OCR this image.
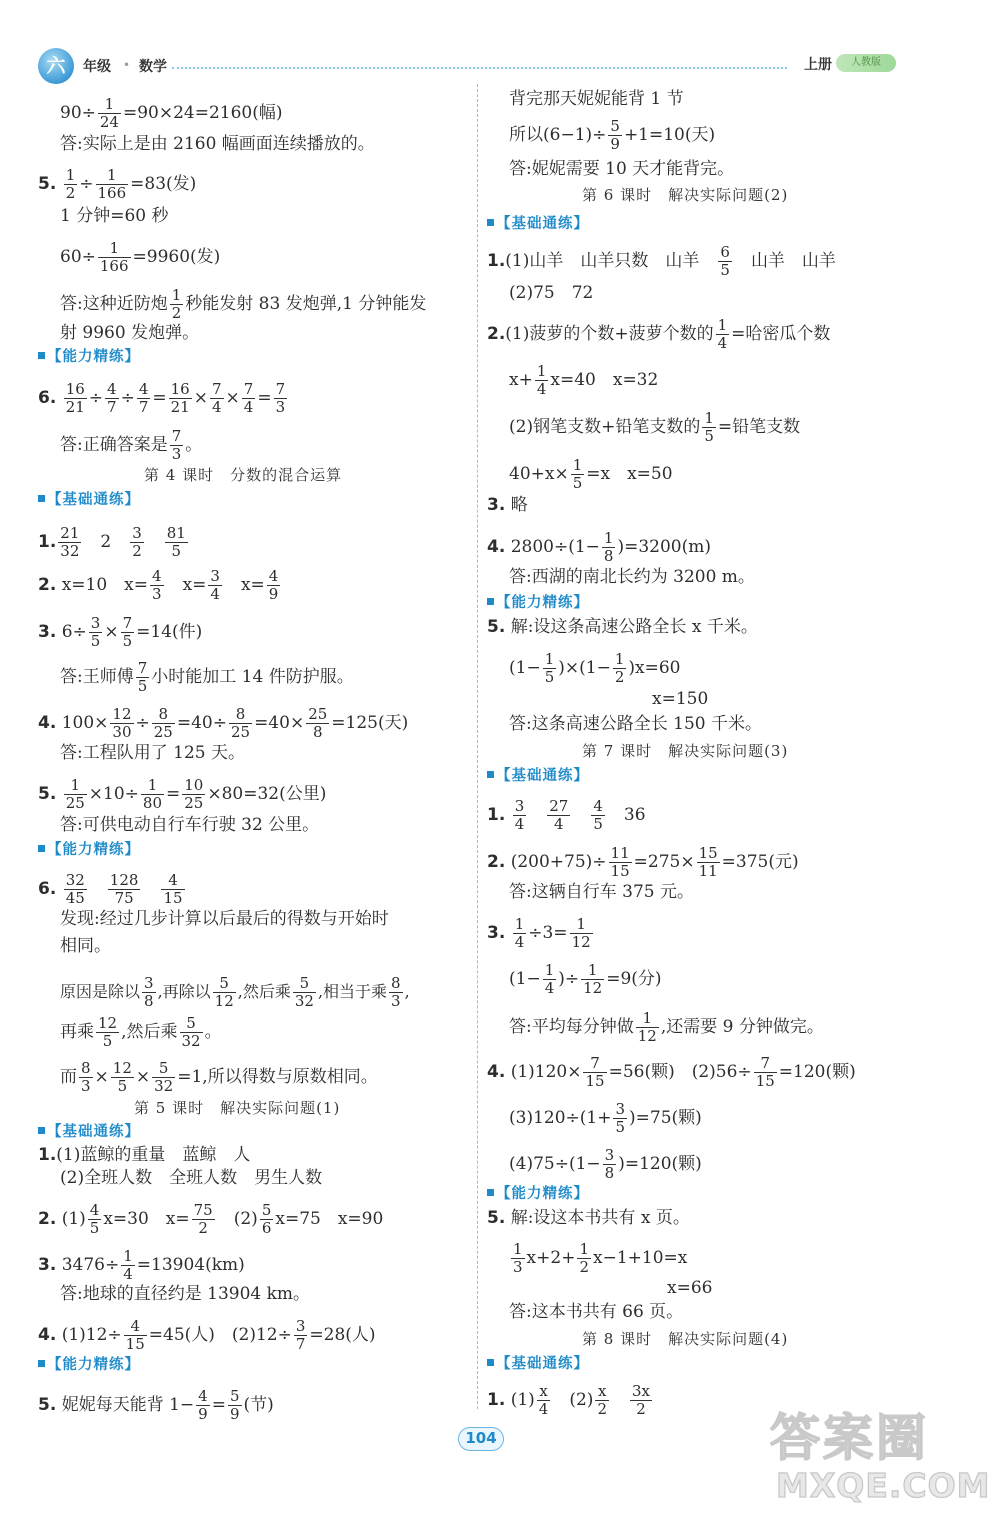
六	年级 • 数学	上册	人教版
$90\div \frac{1}{24} =90\times 24=2160$(幅)
答:实际上是由 2160 幅画面连续播放的。
5. $\frac{1}{2} \div \frac{1}{166} =83$(发)
1 分钟=60 秒
$60\div \frac{1}{166} =9960$(发)
答:这种近防炮 $\frac{1}{2}$ 秒能发射 83 发炮弹,1 分钟能发
射 9960 发炮弹。
【能力精练】
6. $\frac{16}{21} \div \frac{4}{7} \div \frac{4}{7} = \frac{16}{21} \times \frac{7}{4} \times \frac{7}{4} = \frac{7}{3}$
答:正确答案是 $\frac{7}{3}$ 。
第 4 课时　分数的混合运算
【基础通练】
1. $\frac{21}{32}$
　 2　 $\frac{3}{2}$
　 $\frac{81}{5}$
2. x=10　 $x= \frac{4}{3}$
　 $x= \frac{3}{4}$
　 $x= \frac{4}{9}$
3. $6\div \frac{3}{5} \times \frac{7}{5} =14$(件)
答:王师傅 $\frac{7}{5}$ 小时能加工 14 件防护服。
4. $100\times \frac{12}{30} \div \frac{8}{25} =40\div \frac{8}{25} =40\times \frac{25}{8} =125$(天)
答:工程队用了 125 天。
5. $\frac{1}{25} \times 10\div \frac{1}{80} = \frac{10}{25} \times 80=32$(公里)
答:可供电动自行车行驶 32 公里。
【能力精练】
6. $\frac{32}{45}$
　 $\frac{128}{75}$
　 $\frac{4}{15}$
发现:经过几步计算以后最后的得数与开始时
相同。
原因是除以 $\frac{3}{8}$ ,再除以 $\frac{5}{12}$ ,然后乘 $\frac{5}{32}$ ,相当于乘 $\frac{8}{3}$ ,
再乘 $\frac{12}{5}$ ,然后乘 $\frac{5}{32}$ 。
而 $\frac{8}{3} \times \frac{12}{5} \times \frac{5}{32} =1$,所以得数与原数相同。
第 5 课时　解决实际问题(1)
【基础通练】
1.(1)蓝鲸的重量　蓝鲸　人
(2)全班人数　全班人数　男生人数
2. $(1) \frac{4}{5} x=30$　$x= \frac{75}{2}$
　 $(2) \frac{5}{6} x=75$　x=90
3. $3476\div \frac{1}{4} =13904(km)$
答:地球的直径约是 13904 km。
4. $(1)12\div \frac{4}{15} =45$(人)　$(2)12\div \frac{3}{7} =28$(人)
【能力精练】
5. 妮妮每天能背 $1- \frac{4}{9} = \frac{5}{9}$ (节)
背完那天妮妮能背 1 节
所以$(6-1)\div \frac{5}{9} +1=10$(天)
答:妮妮需要 10 天才能背完。
第 6 课时　解决实际问题(2)
【基础通练】
1.(1)山羊　山羊只数　山羊　 $\frac{6}{5}$
　 山羊　山羊
(2)75　72
2.(1)菠萝的个数+菠萝个数的 $\frac{1}{4}$ =哈密瓜个数
$x+ \frac{1}{4} x=40$　x=32
(2)钢笔支数+铅笔支数的 $\frac{1}{5}$ =铅笔支数
$40+x\times \frac{1}{5} =x$　x=50
3. 略
4. $2800\div(1- \frac{1}{8} )=3200(m)$
答:西湖的南北长约为 3200 m。
【能力精练】
5. 解:设这条高速公路全长 x 千米。
$(1- \frac{1}{5} )\times(1- \frac{1}{2} )x=60$
x=150
答:这条高速公路全长 150 千米。
第 7 课时　解决实际问题(3)
【基础通练】
1. $\frac{3}{4}$
　 $\frac{27}{4}$
　 $\frac{4}{5}$
　 36
2. $(200+75)\div \frac{11}{15} =275\times \frac{15}{11} =375$(元)
答:这辆自行车 375 元。
3. $\frac{1}{4} \div 3= \frac{1}{12}$
($1- \frac{1}{4}$ )÷ $\frac{1}{12} =9$(分)
答:平均每分钟做 $\frac{1}{12}$ ,还需要 9 分钟做完。
4. $(1)120\times \frac{7}{15} =56$(颗)　$(2)56\div \frac{7}{15} =120$(颗)
$(3)120\div(1+ \frac{3}{5} )=75$(颗)
$(4)75\div(1- \frac{3}{8} )=120$(颗)
【能力精练】
5. 解:设这本书共有 x 页。
$\frac{1}{3} x+2+ \frac{1}{2} x-1+10=x$
x=66
答:这本书共有 66 页。
第 8 课时　解决实际问题(4)
【基础通练】
1. $(1) \frac{x}{4}$
　 $(2) \frac{x}{2}$
　 $\frac{3x}{2}$
104	答案圈
MXQE.COM
